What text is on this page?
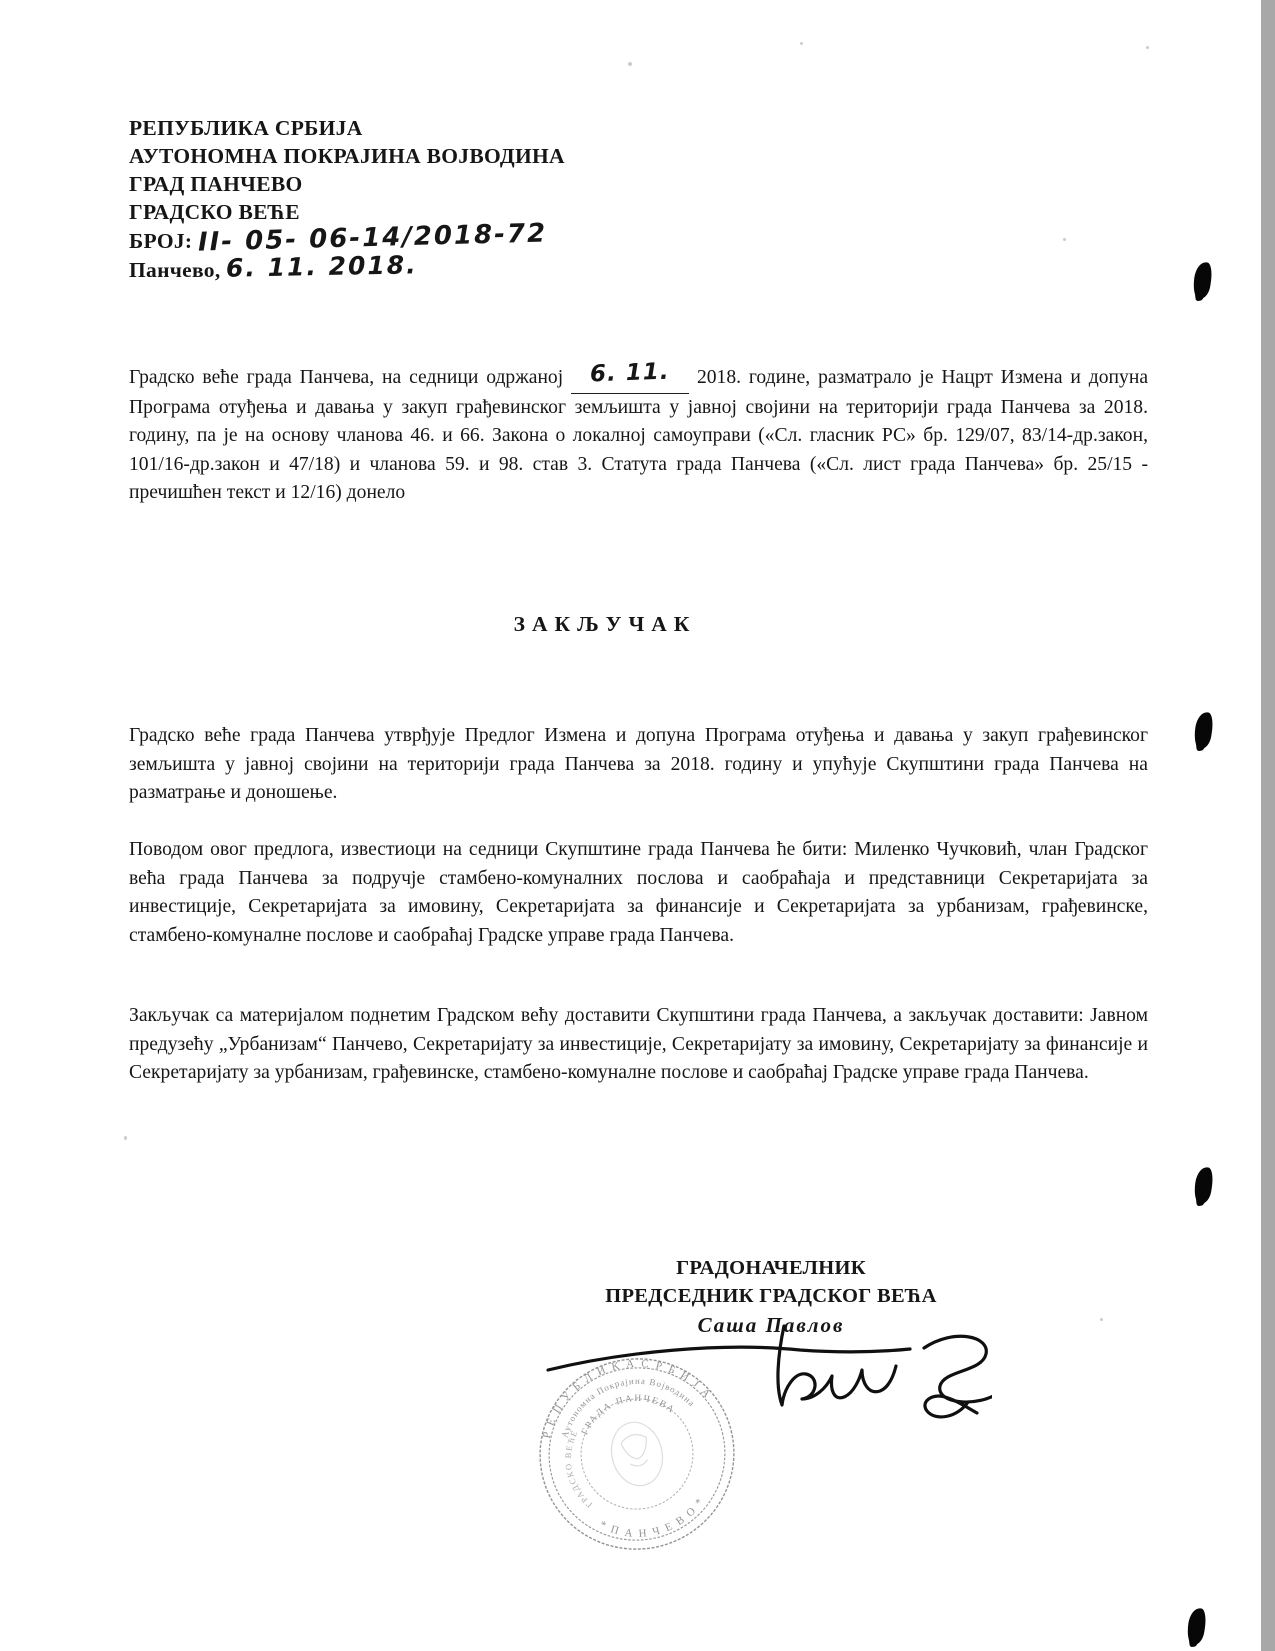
РЕПУБЛИКА СРБИЈА
АУТОНОМНА ПОКРАЈИНА ВОЈВОДИНА
ГРАД ПАНЧЕВО
ГРАДСКО ВЕЋЕ
БРОЈ: II- 05- 06-14/2018-72
Панчево, 6. 11. 2018.
Градско веће града Панчева, на седници одржаној 6. 11. 2018. године, разматрало је Нацрт Измена и допуна Програма отуђења и давања у закуп грађевинског земљишта у јавној својини на територији града Панчева за 2018. годину, па је на основу чланова 46. и 66. Закона о локалној самоуправи («Сл. гласник РС» бр. 129/07, 83/14-др.закон, 101/16-др.закон и 47/18) и чланова 59. и 98. став 3. Статута града Панчева («Сл. лист града Панчева» бр. 25/15 - пречишћен текст и 12/16) донело
ЗАКЉУЧАК
Градско веће града Панчева утврђује Предлог Измена и допуна Програма отуђења и давања у закуп грађевинског земљишта у јавној својини на територији града Панчева за 2018. годину и упућује Скупштини града Панчева на разматрање и доношење.
Поводом овог предлога, известиоци на седници Скупштине града Панчева ће бити: Миленко Чучковић, члан Градског већа града Панчева за подручје стамбено-комуналних послова и саобраћаја и представници Секретаријата за инвестиције, Секретаријата за имовину, Секретаријата за финансије и Секретаријата за урбанизам, грађевинске, стамбено-комуналне послове и саобраћај Градске управе града Панчева.
Закључак са материјалом поднетим Градском већу доставити Скупштини града Панчева, а закључак доставити: Јавном предузећу „Урбанизам“ Панчево, Секретаријату за инвестиције, Секретаријату за имовину, Секретаријату за финансије и Секретаријату за урбанизам, грађевинске, стамбено-комуналне послове и саобраћај Градске управе града Панчева.
ГРАДОНАЧЕЛНИК
ПРЕДСЕДНИК ГРАДСКОГ ВЕЋА
Саша Павлов
Р Е П У Б Л И К А С Р Б И Ј А
Аутономна Покрајина Војводина
ГРАДА ПАНЧЕВА
* П А Н Ч Е В О *
ГРАДСКО ВЕЋЕ
